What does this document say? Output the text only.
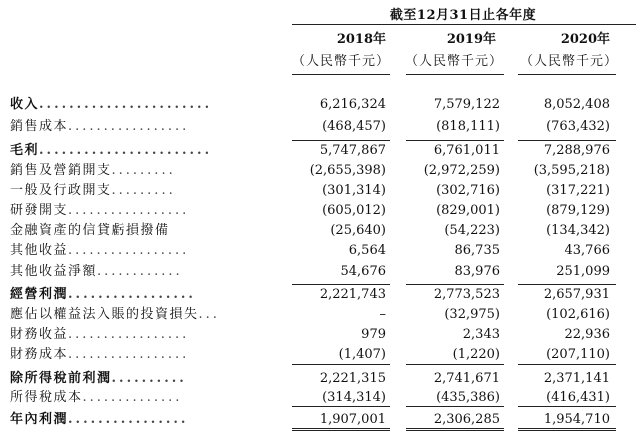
截至12月31日止各年度
2018年	2019年	2020年
（人民幣千元）	（人民幣千元）	（人民幣千元）
收入.......................	6,216,324	7,579,122	8,052,408
銷售成本.................	(468,457)	(818,111)	(763,432)
毛利.......................	5,747,867	6,761,011	7,288,976
銷售及營銷開支.........	(2,655,398)	(2,972,259)	(3,595,218)
一般及行政開支.........	(301,314)	(302,716)	(317,221)
研發開支.................	(605,012)	(829,001)	(879,129)
金融資產的信貸虧損撥備	(25,640)	(54,223)	(134,342)
其他收益.................	6,564	86,735	43,766
其他收益淨額............	54,676	83,976	251,099
經營利潤.................	2,221,743	2,773,523	2,657,931
應佔以權益法入賬的投資損失...	–	(32,975)	(102,616)
財務收益.................	979	2,343	22,936
財務成本.................	(1,407)	(1,220)	(207,110)
除所得稅前利潤..........	2,221,315	2,741,671	2,371,141
所得稅成本..............	(314,314)	(435,386)	(416,431)
年內利潤................	1,907,001	2,306,285	1,954,710
